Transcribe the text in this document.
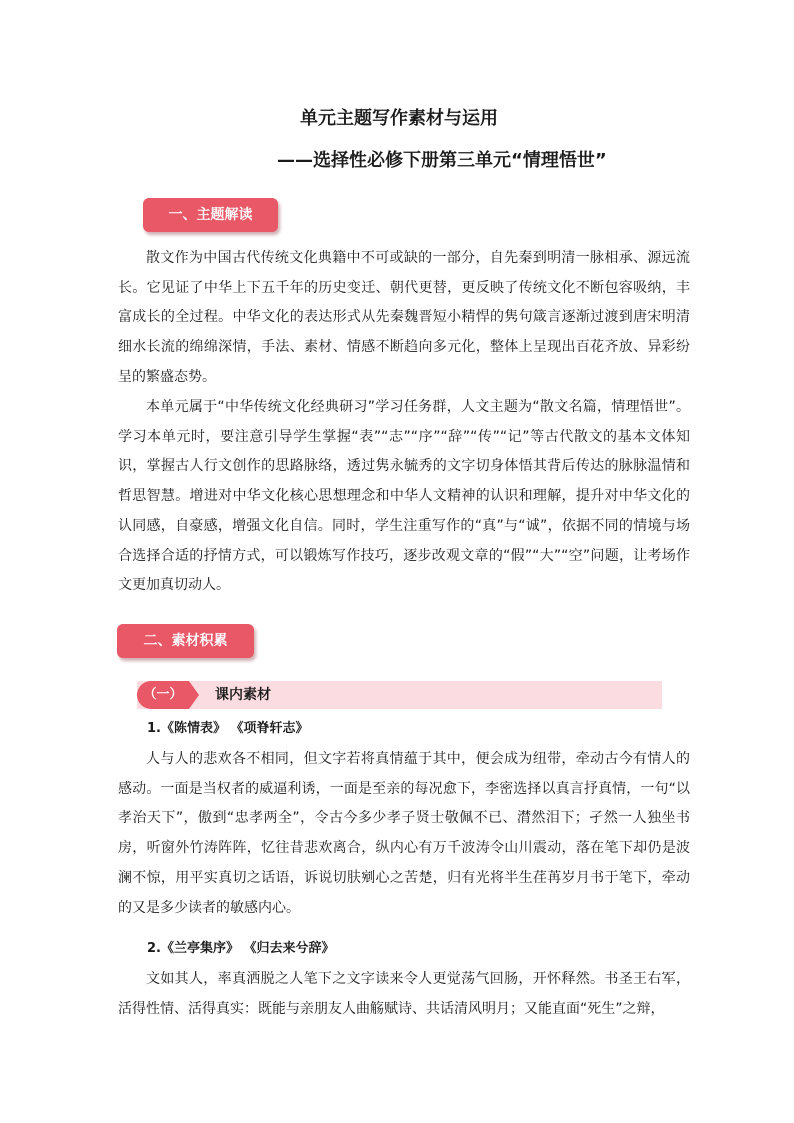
单元主题写作素材与运用
——选择性必修下册第三单元“情理悟世”
一、主题解读

散文作为中国古代传统文化典籍中不可或缺的一部分，自先秦到明清一脉相承、源远流长。它见证了中华上下五千年的历史变迁、朝代更替，更反映了传统文化不断包容吸纳，丰富成长的全过程。中华文化的表达形式从先秦魏晋短小精悍的隽句箴言逐渐过渡到唐宋明清细水长流的绵绵深情，手法、素材、情感不断趋向多元化，整体上呈现出百花齐放、异彩纷呈的繁盛态势。

本单元属于“中华传统文化经典研习”学习任务群，人文主题为“散文名篇，情理悟世”。学习本单元时，要注意引导学生掌握“表”“志”“序”“辞”“传”“记”等古代散文的基本文体知识，掌握古人行文创作的思路脉络，透过隽永毓秀的文字切身体悟其背后传达的脉脉温情和哲思智慧。增进对中华文化核心思想理念和中华人文精神的认识和理解，提升对中华文化的认同感，自豪感，增强文化自信。同时，学生注重写作的“真”与“诚”，依据不同的情境与场合选择合适的抒情方式，可以锻炼写作技巧，逐步改观文章的“假”“大”“空”问题，让考场作文更加真切动人。

二、素材积累
（一）	课内素材
1.《陈情表》 《项脊轩志》

人与人的悲欢各不相同，但文字若将真情蕴于其中，便会成为纽带，牵动古今有情人的感动。一面是当权者的威逼利诱，一面是至亲的每况愈下，李密选择以真言抒真情，一句“以孝治天下”，傲到“忠孝两全”，令古今多少孝子贤士敬佩不已、潸然泪下；孑然一人独坐书房，听窗外竹涛阵阵，忆往昔悲欢离合，纵内心有万千波涛令山川震动，落在笔下却仍是波澜不惊，用平实真切之话语，诉说切肤剜心之苦楚，归有光将半生荏苒岁月书于笔下，牵动的又是多少读者的敏感内心。

2.《兰亭集序》 《归去来兮辞》

文如其人，率真洒脱之人笔下之文字读来令人更觉荡气回肠，开怀释然。书圣王右军，活得性情、活得真实：既能与亲朋友人曲觞赋诗、共话清风明月；又能直面“死生”之辩，
